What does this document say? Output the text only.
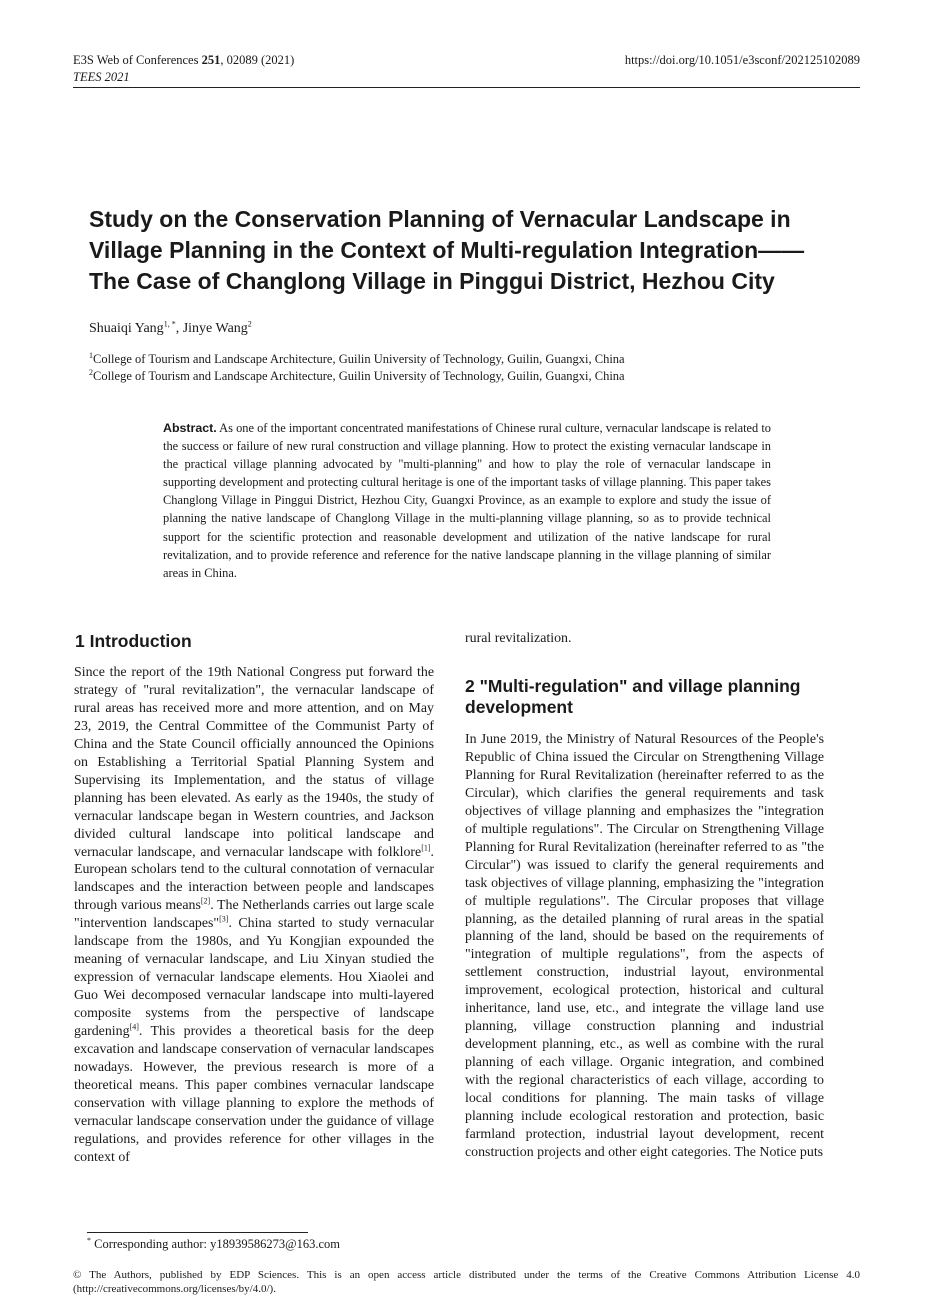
E3S Web of Conferences 251, 02089 (2021)
TEES 2021
https://doi.org/10.1051/e3sconf/202125102089
Study on the Conservation Planning of Vernacular Landscape in
Village Planning in the Context of Multi-regulation Integration——
The Case of Changlong Village in Pinggui District, Hezhou City
Shuaiqi Yang$^{1, *}$, Jinye Wang$^2$
$^1$College of Tourism and Landscape Architecture, Guilin University of Technology, Guilin, Guangxi, China
$^2$College of Tourism and Landscape Architecture, Guilin University of Technology, Guilin, Guangxi, China
Abstract. As one of the important concentrated manifestations of Chinese rural culture, vernacular landscape is related to the success or failure of new rural construction and village planning. How to protect the existing vernacular landscape in the practical village planning advocated by "multi-planning" and how to play the role of vernacular landscape in supporting development and protecting cultural heritage is one of the important tasks of village planning. This paper takes Changlong Village in Pinggui District, Hezhou City, Guangxi Province, as an example to explore and study the issue of planning the native landscape of Changlong Village in the multi-planning village planning, so as to provide technical support for the scientific protection and reasonable development and utilization of the native landscape for rural revitalization, and to provide reference and reference for the native landscape planning in the village planning of similar areas in China.
1 Introduction
Since the report of the 19th National Congress put forward the strategy of "rural revitalization", the vernacular landscape of rural areas has received more and more attention, and on May 23, 2019, the Central Committee of the Communist Party of China and the State Council officially announced the Opinions on Establishing a Territorial Spatial Planning System and Supervising its Implementation, and the status of village planning has been elevated. As early as the 1940s, the study of vernacular landscape began in Western countries, and Jackson divided cultural landscape into political landscape and vernacular landscape, and vernacular landscape with folklore[1]. European scholars tend to the cultural connotation of vernacular landscapes and the interaction between people and landscapes through various means[2]. The Netherlands carries out large scale "intervention landscapes"[3]. China started to study vernacular landscape from the 1980s, and Yu Kongjian expounded the meaning of vernacular landscape, and Liu Xinyan studied the expression of vernacular landscape elements. Hou Xiaolei and Guo Wei decomposed vernacular landscape into multi-layered composite systems from the perspective of landscape gardening[4]. This provides a theoretical basis for the deep excavation and landscape conservation of vernacular landscapes nowadays. However, the previous research is more of a theoretical means. This paper combines vernacular landscape conservation with village planning to explore the methods of vernacular landscape conservation under the guidance of village regulations, and provides reference for other villages in the context of
rural revitalization.
2 "Multi-regulation" and village planning
development
In June 2019, the Ministry of Natural Resources of the People's Republic of China issued the Circular on Strengthening Village Planning for Rural Revitalization (hereinafter referred to as the Circular), which clarifies the general requirements and task objectives of village planning and emphasizes the "integration of multiple regulations". The Circular on Strengthening Village Planning for Rural Revitalization (hereinafter referred to as "the Circular") was issued to clarify the general requirements and task objectives of village planning, emphasizing the "integration of multiple regulations". The Circular proposes that village planning, as the detailed planning of rural areas in the spatial planning of the land, should be based on the requirements of "integration of multiple regulations", from the aspects of settlement construction, industrial layout, environmental improvement, ecological protection, historical and cultural inheritance, land use, etc., and integrate the village land use planning, village construction planning and industrial development planning, etc., as well as combine with the rural planning of each village. Organic integration, and combined with the regional characteristics of each village, according to local conditions for planning. The main tasks of village planning include ecological restoration and protection, basic farmland protection, industrial layout development, recent construction projects and other eight categories. The Notice puts
* Corresponding author: y18939586273@163.com
© The Authors, published by EDP Sciences. This is an open access article distributed under the terms of the Creative Commons Attribution License 4.0 (http://creativecommons.org/licenses/by/4.0/).
